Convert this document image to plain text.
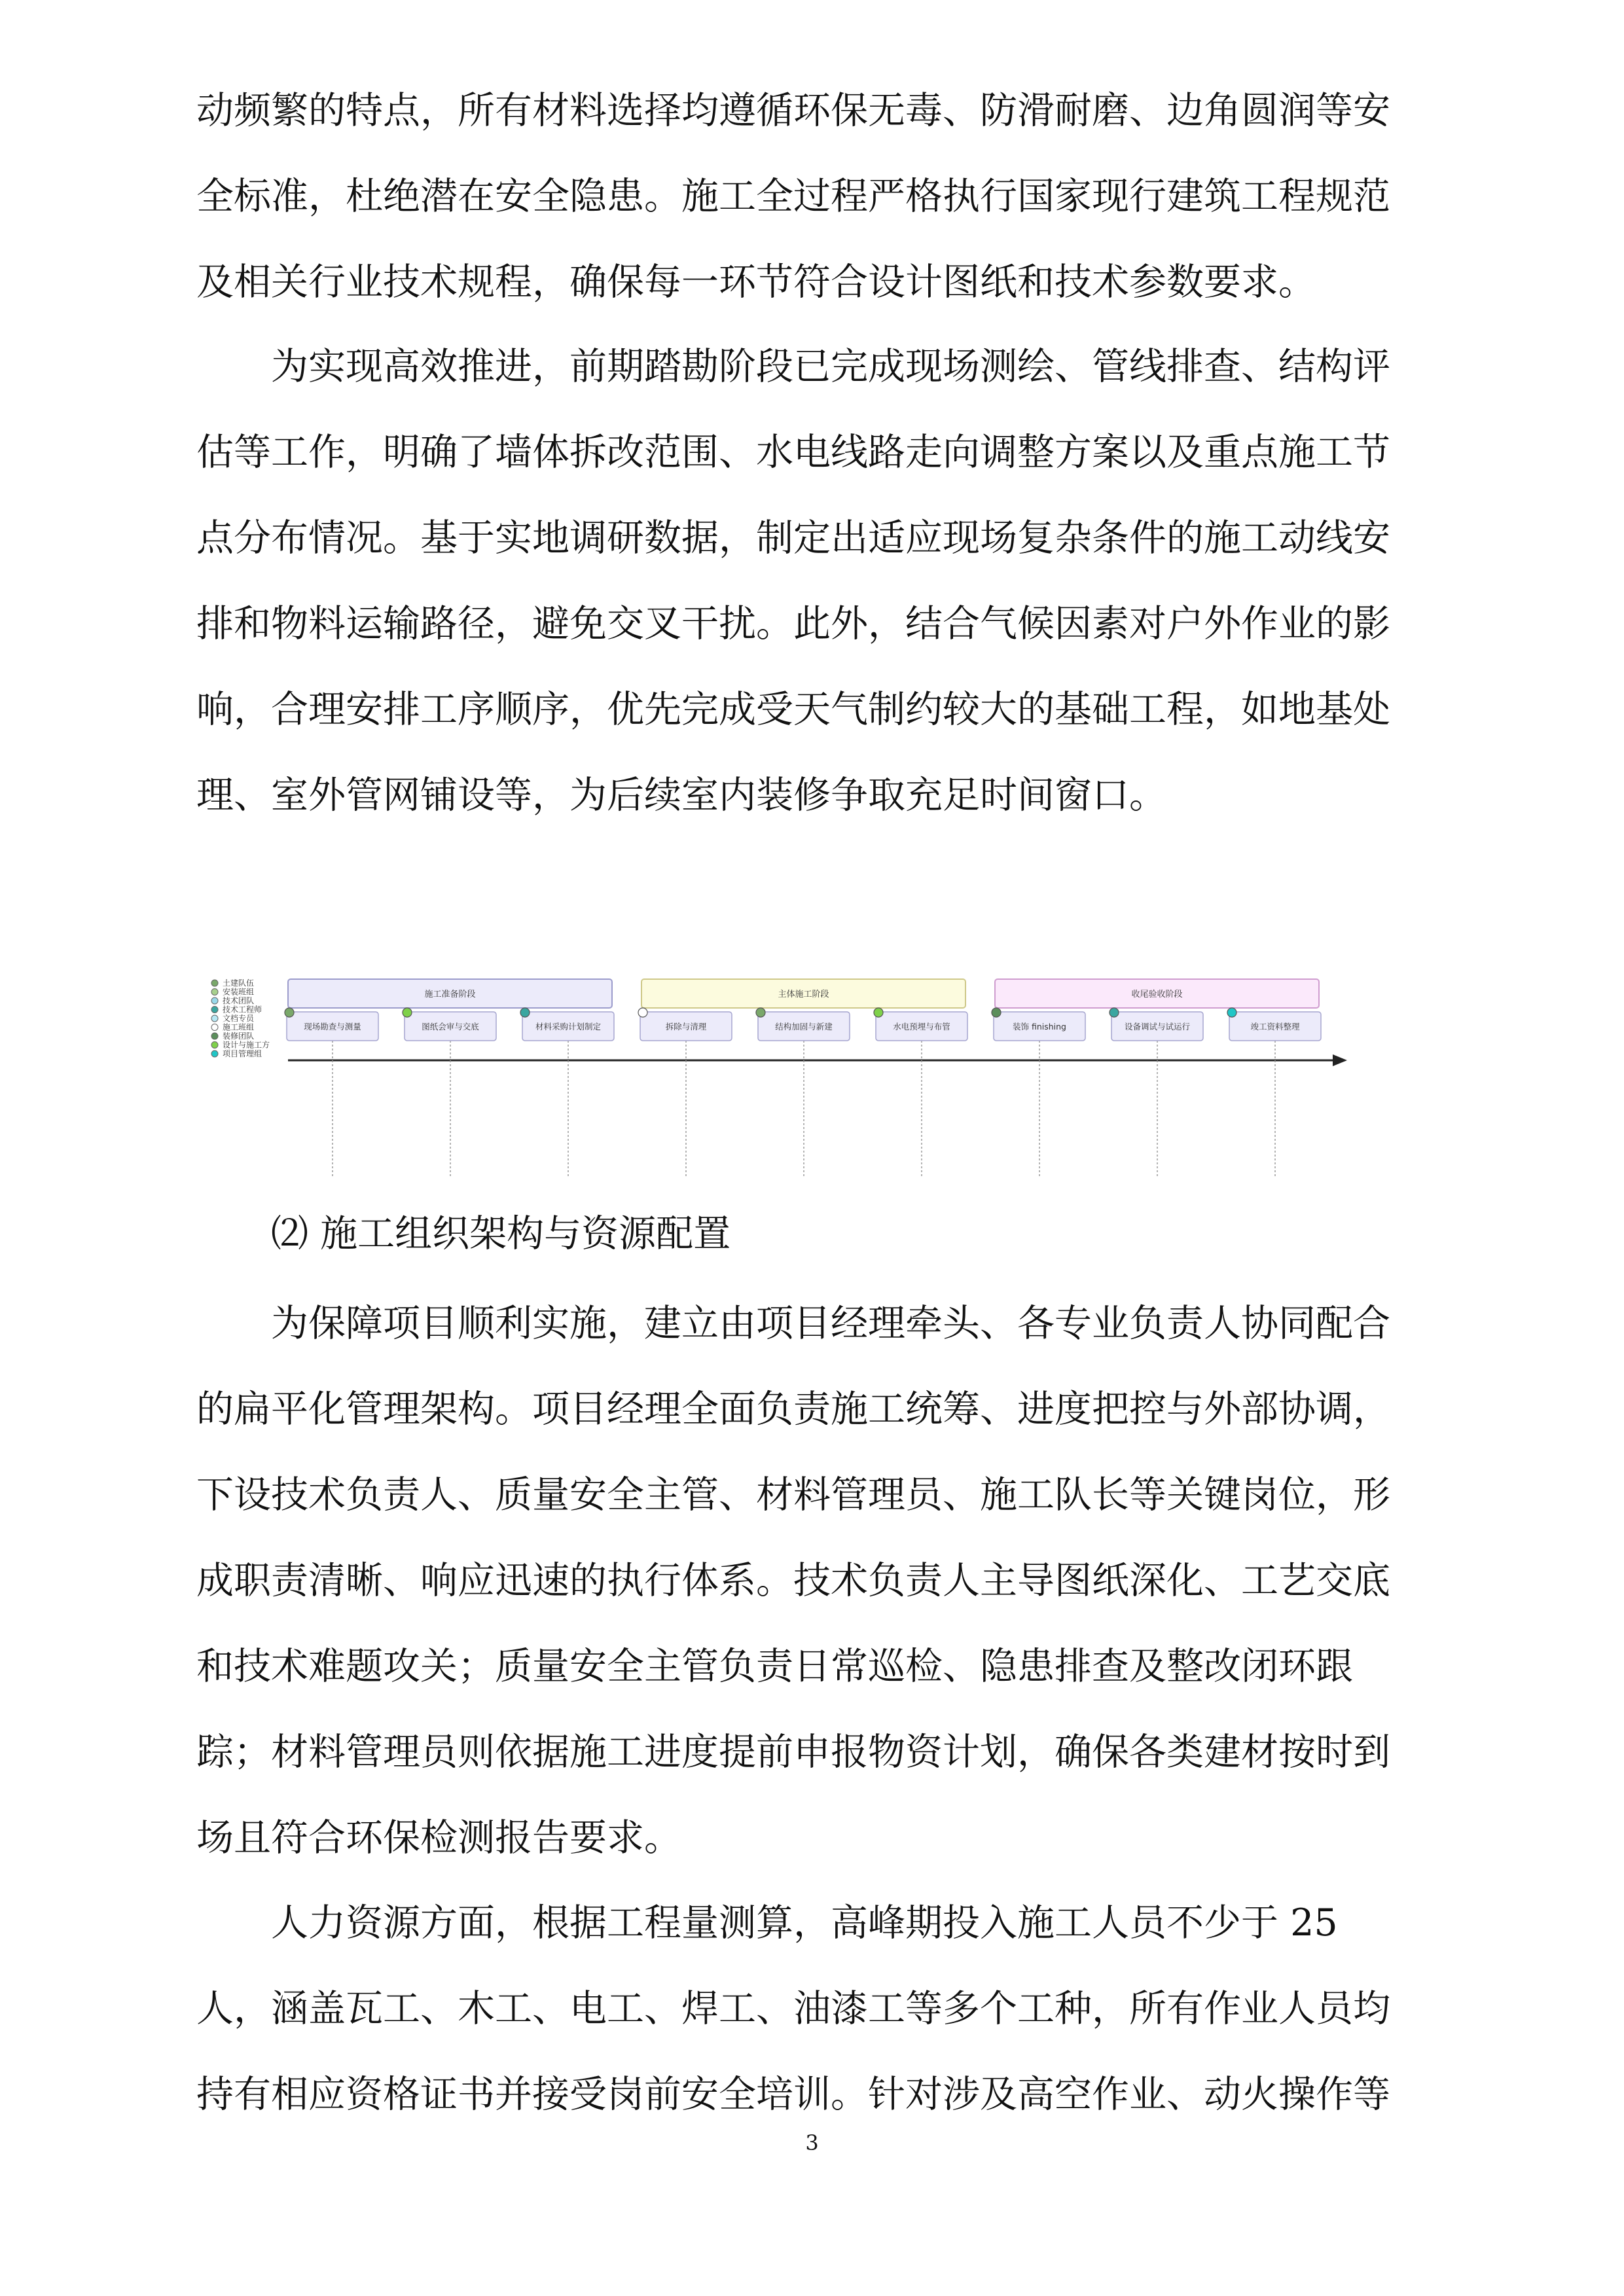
动频繁的特点，所有材料选择均遵循环保无毒、防滑耐磨、边角圆润等安
全标准，杜绝潜在安全隐患。施工全过程严格执行国家现行建筑工程规范
及相关行业技术规程，确保每一环节符合设计图纸和技术参数要求。
为实现高效推进，前期踏勘阶段已完成现场测绘、管线排查、结构评
估等工作，明确了墙体拆改范围、水电线路走向调整方案以及重点施工节
点分布情况。基于实地调研数据，制定出适应现场复杂条件的施工动线安
排和物料运输路径，避免交叉干扰。此外，结合气候因素对户外作业的影
响，合理安排工序顺序，优先完成受天气制约较大的基础工程，如地基处
理、室外管网铺设等，为后续室内装修争取充足时间窗口。
土建队伍
安装班组
技术团队
技术工程师
文档专员
施工班组
装修团队
设计与施工方
项目管理组
施工准备阶段	主体施工阶段	收尾验收阶段
现场勘查与测量	图纸会审与交底	材料采购计划制定	拆除与清理	结构加固与新建	水电预埋与布管	装饰 finishing	设备调试与试运行	竣工资料整理
⑵ 施工组织架构与资源配置
为保障项目顺利实施，建立由项目经理牵头、各专业负责人协同配合
的扁平化管理架构。项目经理全面负责施工统筹、进度把控与外部协调，
下设技术负责人、质量安全主管、材料管理员、施工队长等关键岗位，形
成职责清晰、响应迅速的执行体系。技术负责人主导图纸深化、工艺交底
和技术难题攻关；质量安全主管负责日常巡检、隐患排查及整改闭环跟
踪；材料管理员则依据施工进度提前申报物资计划，确保各类建材按时到
场且符合环保检测报告要求。
人力资源方面，根据工程量测算，高峰期投入施工人员不少于 25
人，涵盖瓦工、木工、电工、焊工、油漆工等多个工种，所有作业人员均
持有相应资格证书并接受岗前安全培训。针对涉及高空作业、动火操作等
3
